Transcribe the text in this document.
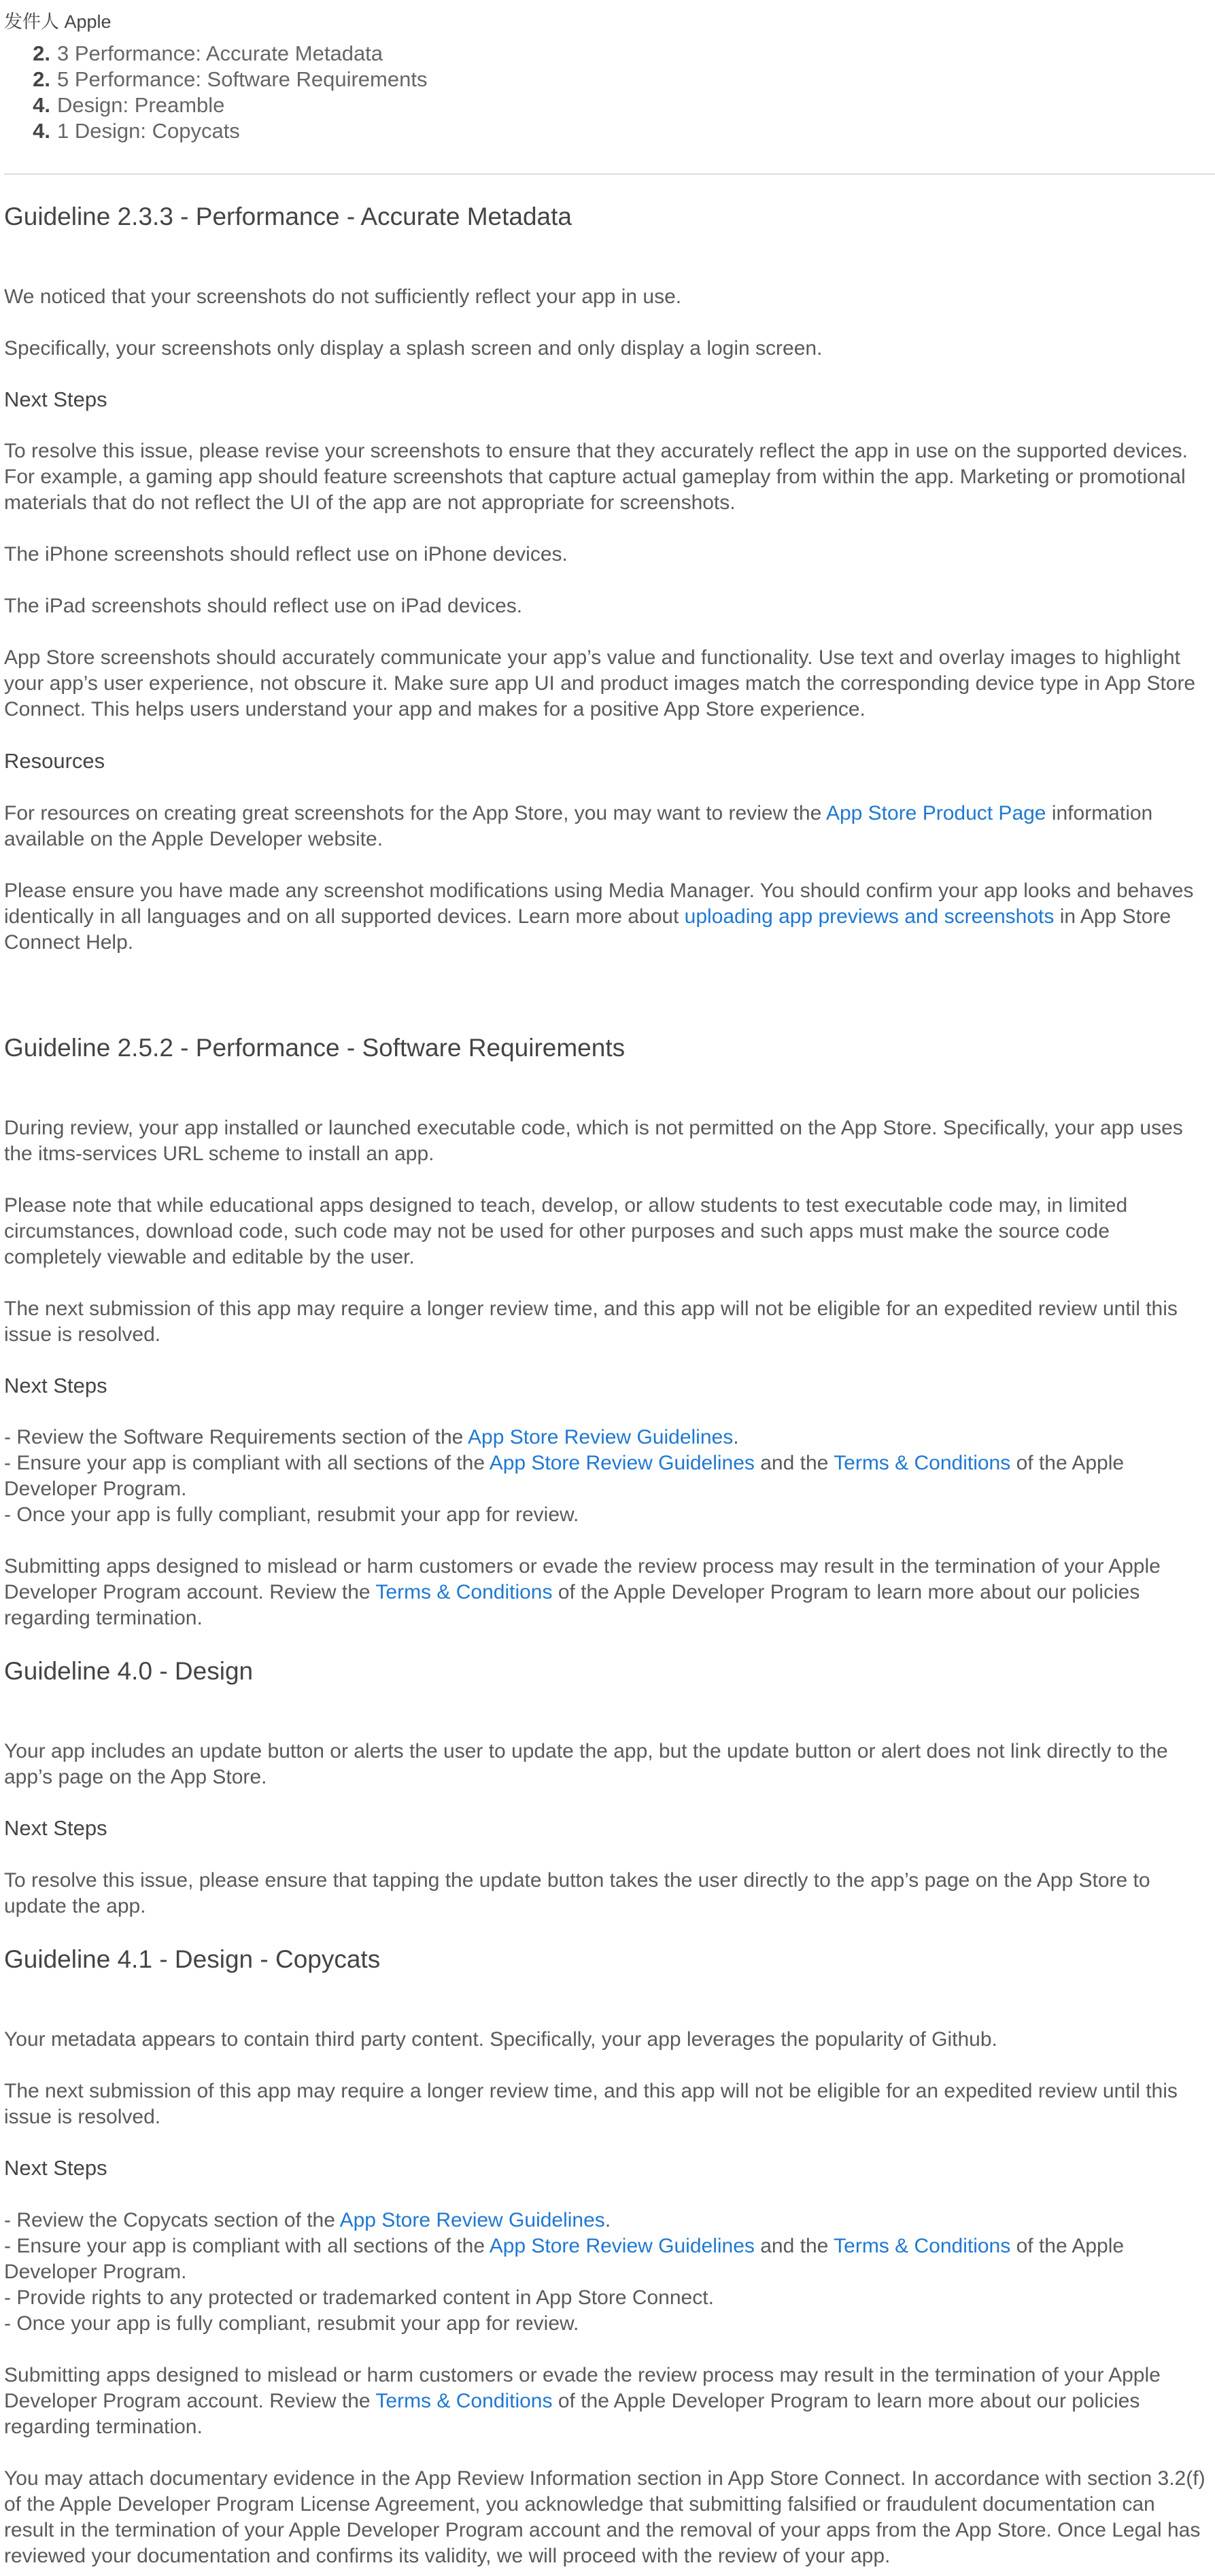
发件人 Apple
2. 3 Performance: Accurate Metadata
2. 5 Performance: Software Requirements
4. Design: Preamble
4. 1 Design: Copycats
Guideline 2.3.3 - Performance - Accurate Metadata
We noticed that your screenshots do not sufficiently reflect your app in use.
Specifically, your screenshots only display a splash screen and only display a login screen.
Next Steps
To resolve this issue, please revise your screenshots to ensure that they accurately reflect the app in use on the supported devices.
For example, a gaming app should feature screenshots that capture actual gameplay from within the app. Marketing or promotional
materials that do not reflect the UI of the app are not appropriate for screenshots.
The iPhone screenshots should reflect use on iPhone devices.
The iPad screenshots should reflect use on iPad devices.
App Store screenshots should accurately communicate your app’s value and functionality. Use text and overlay images to highlight
your app’s user experience, not obscure it. Make sure app UI and product images match the corresponding device type in App Store
Connect. This helps users understand your app and makes for a positive App Store experience.
Resources
For resources on creating great screenshots for the App Store, you may want to review the App Store Product Page information
available on the Apple Developer website.
Please ensure you have made any screenshot modifications using Media Manager. You should confirm your app looks and behaves
identically in all languages and on all supported devices. Learn more about uploading app previews and screenshots in App Store
Connect Help.
Guideline 2.5.2 - Performance - Software Requirements
During review, your app installed or launched executable code, which is not permitted on the App Store. Specifically, your app uses
the itms-services URL scheme to install an app.
Please note that while educational apps designed to teach, develop, or allow students to test executable code may, in limited
circumstances, download code, such code may not be used for other purposes and such apps must make the source code
completely viewable and editable by the user.
The next submission of this app may require a longer review time, and this app will not be eligible for an expedited review until this
issue is resolved.
Next Steps
- Review the Software Requirements section of the App Store Review Guidelines.
- Ensure your app is compliant with all sections of the App Store Review Guidelines and the Terms & Conditions of the Apple
Developer Program.
- Once your app is fully compliant, resubmit your app for review.
Submitting apps designed to mislead or harm customers or evade the review process may result in the termination of your Apple
Developer Program account. Review the Terms & Conditions of the Apple Developer Program to learn more about our policies
regarding termination.
Guideline 4.0 - Design
Your app includes an update button or alerts the user to update the app, but the update button or alert does not link directly to the
app’s page on the App Store.
Next Steps
To resolve this issue, please ensure that tapping the update button takes the user directly to the app’s page on the App Store to
update the app.
Guideline 4.1 - Design - Copycats
Your metadata appears to contain third party content. Specifically, your app leverages the popularity of Github.
The next submission of this app may require a longer review time, and this app will not be eligible for an expedited review until this
issue is resolved.
Next Steps
- Review the Copycats section of the App Store Review Guidelines.
- Ensure your app is compliant with all sections of the App Store Review Guidelines and the Terms & Conditions of the Apple
Developer Program.
- Provide rights to any protected or trademarked content in App Store Connect.
- Once your app is fully compliant, resubmit your app for review.
Submitting apps designed to mislead or harm customers or evade the review process may result in the termination of your Apple
Developer Program account. Review the Terms & Conditions of the Apple Developer Program to learn more about our policies
regarding termination.
You may attach documentary evidence in the App Review Information section in App Store Connect. In accordance with section 3.2(f)
of the Apple Developer Program License Agreement, you acknowledge that submitting falsified or fraudulent documentation can
result in the termination of your Apple Developer Program account and the removal of your apps from the App Store. Once Legal has
reviewed your documentation and confirms its validity, we will proceed with the review of your app.
